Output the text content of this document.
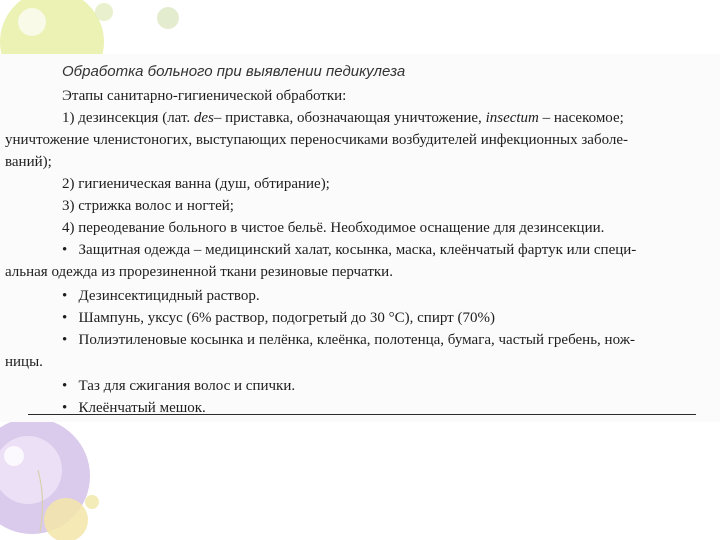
Обработка больного при выявлении педикулеза

Этапы санитарно-гигиенической обработки:

1) дезинсекция (лат. des– приставка, обозначающая уничтожение, insectum – насекомое;

уничтожение членистоногих, выступающих переносчиками возбудителей инфекционных заболе-

ваний);

2) гигиеническая ванна (душ, обтирание);

3) стрижка волос и ногтей;

4) переодевание больного в чистое бельё. Необходимое оснащение для дезинсекции.

• Защитная одежда – медицинский халат, косынка, маска, клеёнчатый фартук или специ-

альная одежда из прорезиненной ткани резиновые перчатки.

• Дезинсектицидный раствор.

• Шампунь, уксус (6% раствор, подогретый до 30 °С), спирт (70%)

• Полиэтиленовые косынка и пелёнка, клеёнка, полотенца, бумага, частый гребень, нож-

ницы.

• Таз для сжигания волос и спички.

• Клеёнчатый мешок.
